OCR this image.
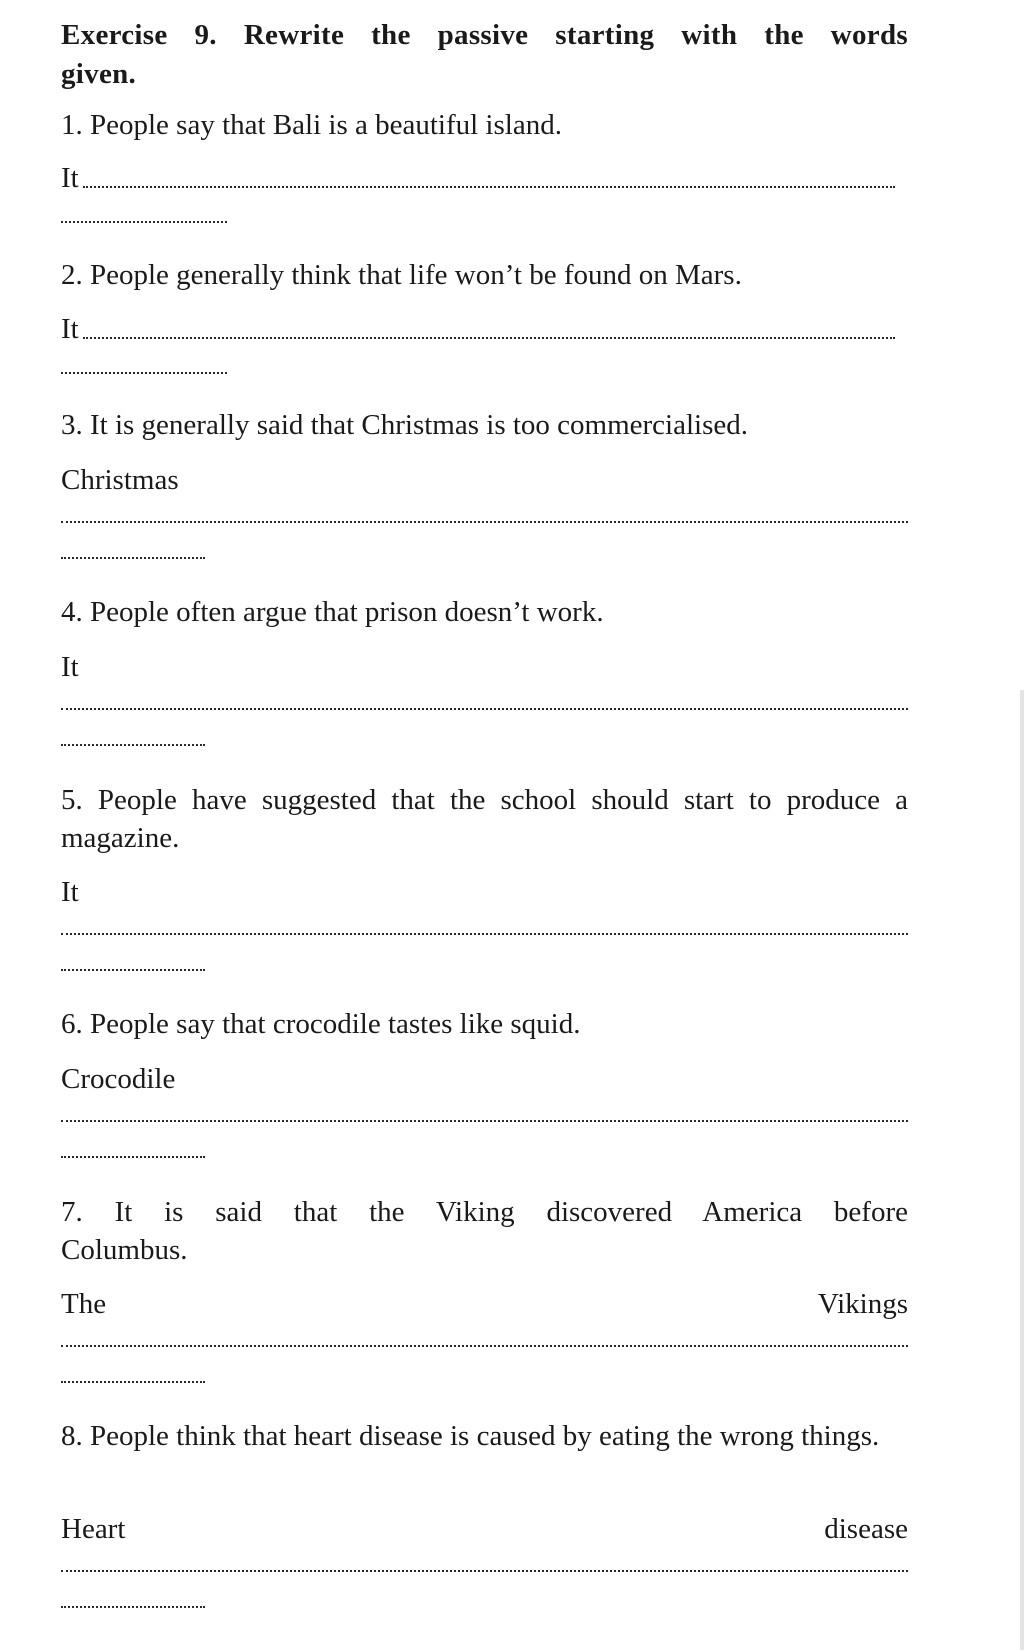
Exercise 9. Rewrite the passive starting with the words given.
1. People say that Bali is a beautiful island.
It
2. People generally think that life won’t be found on Mars.
It
3. It is generally said that Christmas is too commercialised.
Christmas
4. People often argue that prison doesn’t work.
It
5. People have suggested that the school should start to produce a magazine.
It
6. People say that crocodile tastes like squid.
Crocodile
7. It is said that the Viking discovered America before Columbus.
The	Vikings
8. People think that heart disease is caused by eating the wrong things.
Heart	disease
